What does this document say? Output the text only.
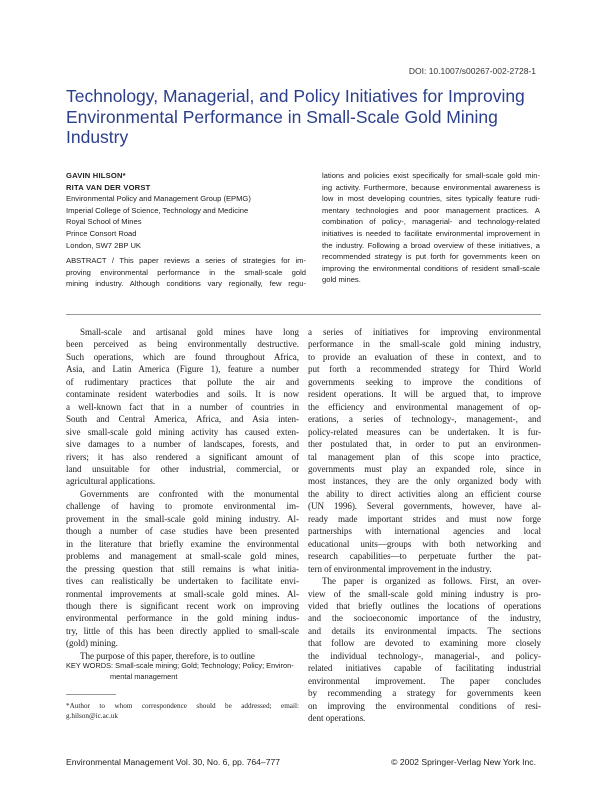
DOI: 10.1007/s00267-002-2728-1
Technology, Managerial, and Policy Initiatives for Improving Environmental Performance in Small-Scale Gold Mining Industry
GAVIN HILSON*
RITA VAN DER VORST
Environmental Policy and Management Group (EPMG)
Imperial College of Science, Technology and Medicine
Royal School of Mines
Prince Consort Road
London, SW7 2BP UK
ABSTRACT / This paper reviews a series of strategies for im-
proving environmental performance in the small-scale gold
mining industry. Although conditions vary regionally, few regu-
lations and policies exist specifically for small-scale gold min-
ing activity. Furthermore, because environmental awareness is
low in most developing countries, sites typically feature rudi-
mentary technologies and poor management practices. A
combination of policy-, managerial- and technology-related
initiatives is needed to facilitate environmental improvement in
the industry. Following a broad overview of these initiatives, a
recommended strategy is put forth for governments keen on
improving the environmental conditions of resident small-scale
gold mines.
Small-scale and artisanal gold mines have long
been perceived as being environmentally destructive.
Such operations, which are found throughout Africa,
Asia, and Latin America (Figure 1), feature a number
of rudimentary practices that pollute the air and
contaminate resident waterbodies and soils. It is now
a well-known fact that in a number of countries in
South and Central America, Africa, and Asia inten-
sive small-scale gold mining activity has caused exten-
sive damages to a number of landscapes, forests, and
rivers; it has also rendered a significant amount of
land unsuitable for other industrial, commercial, or
agricultural applications.
Governments are confronted with the monumental
challenge of having to promote environmental im-
provement in the small-scale gold mining industry. Al-
though a number of case studies have been presented
in the literature that briefly examine the environmental
problems and management at small-scale gold mines,
the pressing question that still remains is what initia-
tives can realistically be undertaken to facilitate envi-
ronmental improvements at small-scale gold mines. Al-
though there is significant recent work on improving
environmental performance in the gold mining indus-
try, little of this has been directly applied to small-scale
(gold) mining.
The purpose of this paper, therefore, is to outline
a series of initiatives for improving environmental
performance in the small-scale gold mining industry,
to provide an evaluation of these in context, and to
put forth a recommended strategy for Third World
governments seeking to improve the conditions of
resident operations. It will be argued that, to improve
the efficiency and environmental management of op-
erations, a series of technology-, management-, and
policy-related measures can be undertaken. It is fur-
ther postulated that, in order to put an environmen-
tal management plan of this scope into practice,
governments must play an expanded role, since in
most instances, they are the only organized body with
the ability to direct activities along an efficient course
(UN 1996). Several governments, however, have al-
ready made important strides and must now forge
partnerships with international agencies and local
educational units—groups with both networking and
research capabilities—to perpetuate further the pat-
tern of environmental improvement in the industry.
The paper is organized as follows. First, an over-
view of the small-scale gold mining industry is pro-
vided that briefly outlines the locations of operations
and the socioeconomic importance of the industry,
and details its environmental impacts. The sections
that follow are devoted to examining more closely
the individual technology-, managerial-, and policy-
related initiatives capable of facilitating industrial
environmental improvement. The paper concludes
by recommending a strategy for governments keen
on improving the environmental conditions of resi-
dent operations.
KEY WORDS: Small-scale mining; Gold; Technology; Policy; Environ-
mental management
*Author to whom correspondence should be addressed; email:
g.hilson@ic.ac.uk
Environmental Management Vol. 30, No. 6, pp. 764–777	© 2002 Springer-Verlag New York Inc.
